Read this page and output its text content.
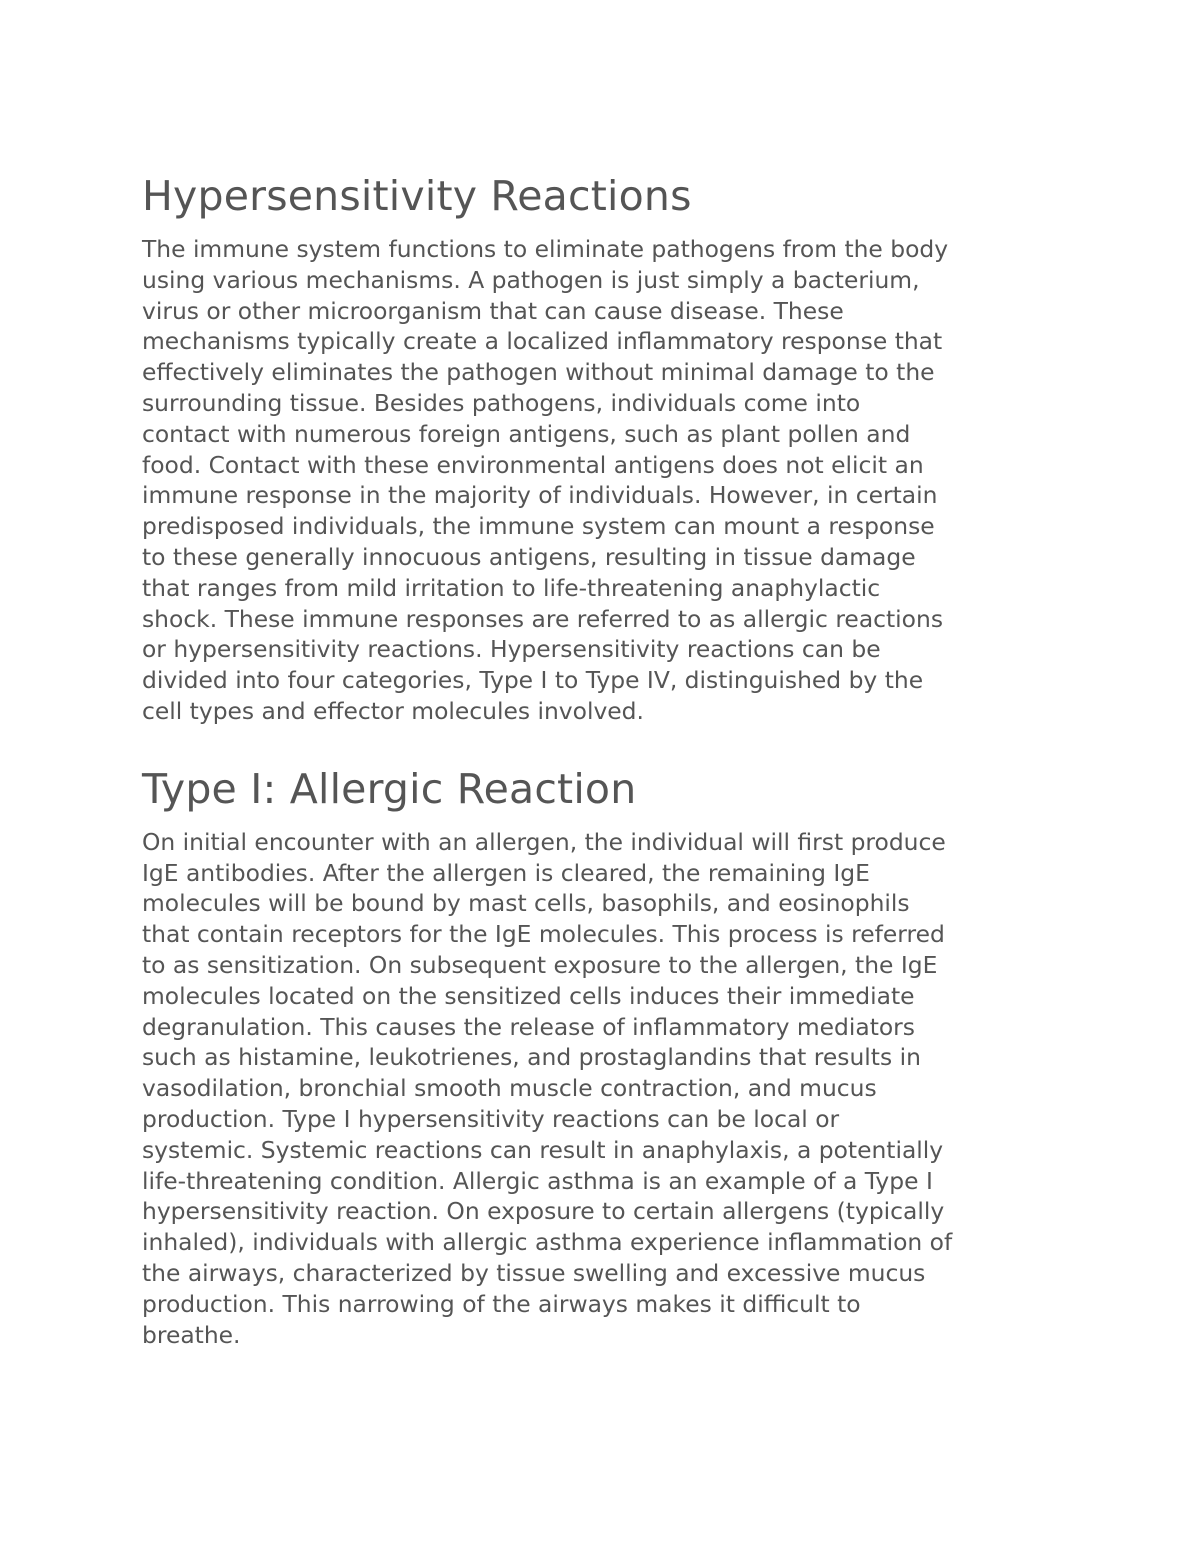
Hypersensitivity Reactions

The immune system functions to eliminate pathogens from the body
using various mechanisms. A pathogen is just simply a bacterium,
virus or other microorganism that can cause disease. These
mechanisms typically create a localized inflammatory response that
effectively eliminates the pathogen without minimal damage to the
surrounding tissue. Besides pathogens, individuals come into
contact with numerous foreign antigens, such as plant pollen and
food. Contact with these environmental antigens does not elicit an
immune response in the majority of individuals. However, in certain
predisposed individuals, the immune system can mount a response
to these generally innocuous antigens, resulting in tissue damage
that ranges from mild irritation to life-threatening anaphylactic
shock. These immune responses are referred to as allergic reactions
or hypersensitivity reactions. Hypersensitivity reactions can be
divided into four categories, Type I to Type IV, distinguished by the
cell types and effector molecules involved.

Type I: Allergic Reaction

On initial encounter with an allergen, the individual will first produce
IgE antibodies. After the allergen is cleared, the remaining IgE
molecules will be bound by mast cells, basophils, and eosinophils
that contain receptors for the IgE molecules. This process is referred
to as sensitization. On subsequent exposure to the allergen, the IgE
molecules located on the sensitized cells induces their immediate
degranulation. This causes the release of inflammatory mediators
such as histamine, leukotrienes, and prostaglandins that results in
vasodilation, bronchial smooth muscle contraction, and mucus
production. Type I hypersensitivity reactions can be local or
systemic. Systemic reactions can result in anaphylaxis, a potentially
life-threatening condition. Allergic asthma is an example of a Type I
hypersensitivity reaction. On exposure to certain allergens (typically
inhaled), individuals with allergic asthma experience inflammation of
the airways, characterized by tissue swelling and excessive mucus
production. This narrowing of the airways makes it difficult to
breathe.
